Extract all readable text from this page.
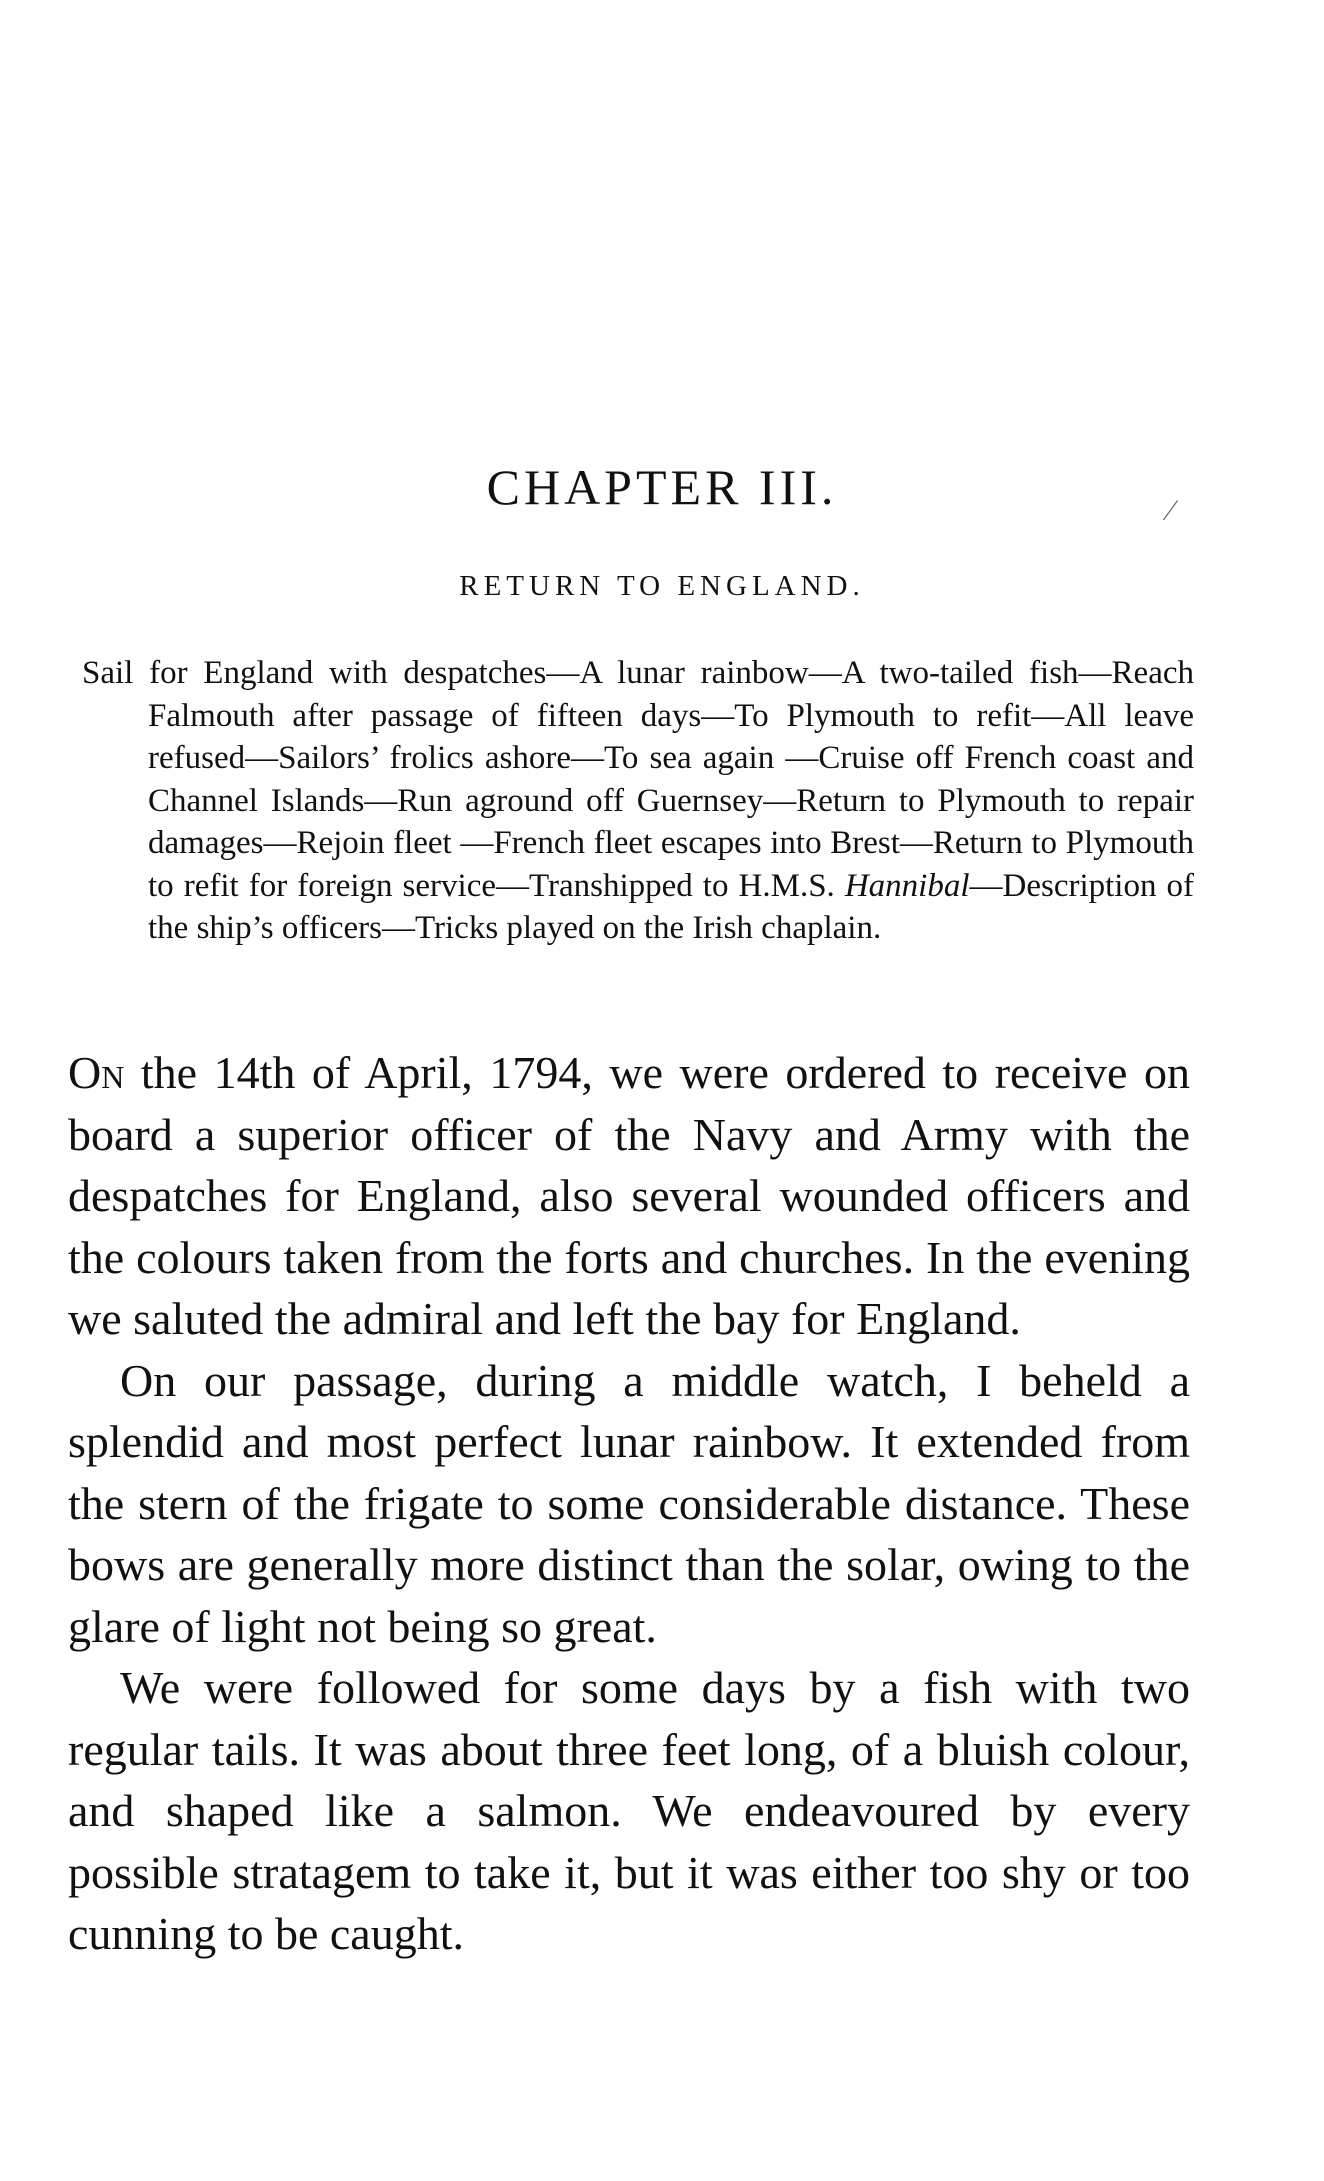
CHAPTER III.	⁄
RETURN TO ENGLAND.

Sail for England with despatches—A lunar rainbow—A two-tailed fish—Reach Falmouth after passage of fifteen days—To Plymouth to refit—All leave refused—Sailors’ frolics ashore—To sea again —Cruise off French coast and Channel Islands—Run aground off Guernsey—Return to Plymouth to repair damages—Rejoin fleet —French fleet escapes into Brest—Return to Plymouth to refit for foreign service—Transhipped to H.M.S. Hannibal—Description of the ship’s officers—Tricks played on the Irish chaplain.

On the 14th of April, 1794, we were ordered to receive on board a superior officer of the Navy and Army with the despatches for England, also several wounded officers and the colours taken from the forts and churches. In the evening we saluted the admiral and left the bay for England.

On our passage, during a middle watch, I beheld a splendid and most perfect lunar rainbow. It extended from the stern of the frigate to some considerable distance. These bows are generally more distinct than the solar, owing to the glare of light not being so great.

We were followed for some days by a fish with two regular tails. It was about three feet long, of a bluish colour, and shaped like a salmon. We endeavoured by every possible stratagem to take it, but it was either too shy or too cunning to be caught.
